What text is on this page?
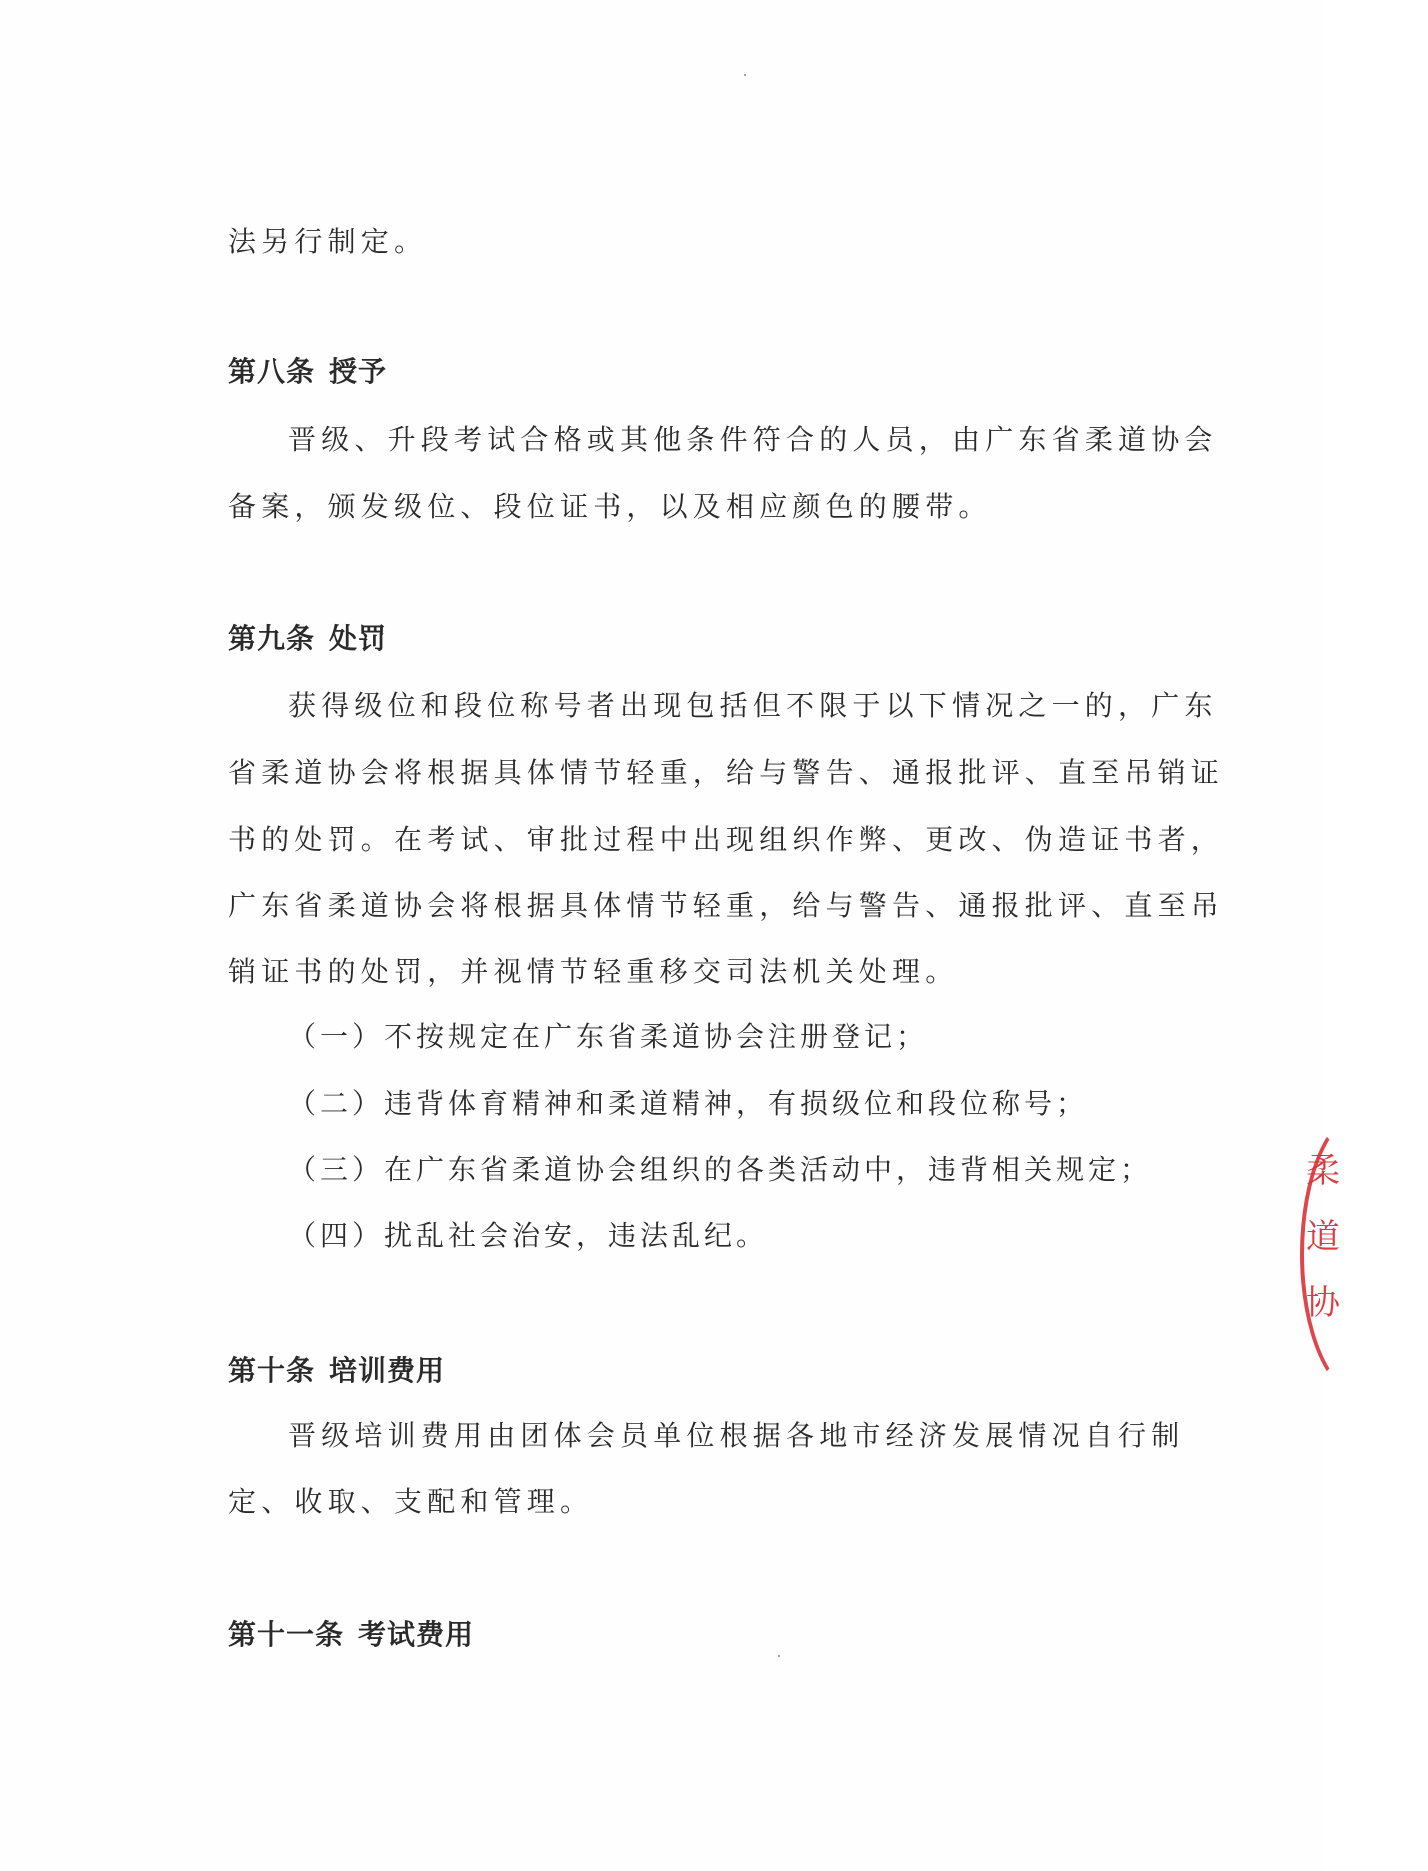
法另行制定。
第八条 授予
晋级、升段考试合格或其他条件符合的人员，由广东省柔道协会
备案，颁发级位、段位证书，以及相应颜色的腰带。
第九条 处罚
获得级位和段位称号者出现包括但不限于以下情况之一的，广东
省柔道协会将根据具体情节轻重，给与警告、通报批评、直至吊销证
书的处罚。在考试、审批过程中出现组织作弊、更改、伪造证书者，
广东省柔道协会将根据具体情节轻重，给与警告、通报批评、直至吊
销证书的处罚，并视情节轻重移交司法机关处理。
（一）不按规定在广东省柔道协会注册登记；
（二）违背体育精神和柔道精神，有损级位和段位称号；
（三）在广东省柔道协会组织的各类活动中，违背相关规定；
（四）扰乱社会治安，违法乱纪。
第十条 培训费用
晋级培训费用由团体会员单位根据各地市经济发展情况自行制
定、收取、支配和管理。
第十一条 考试费用
柔道协
